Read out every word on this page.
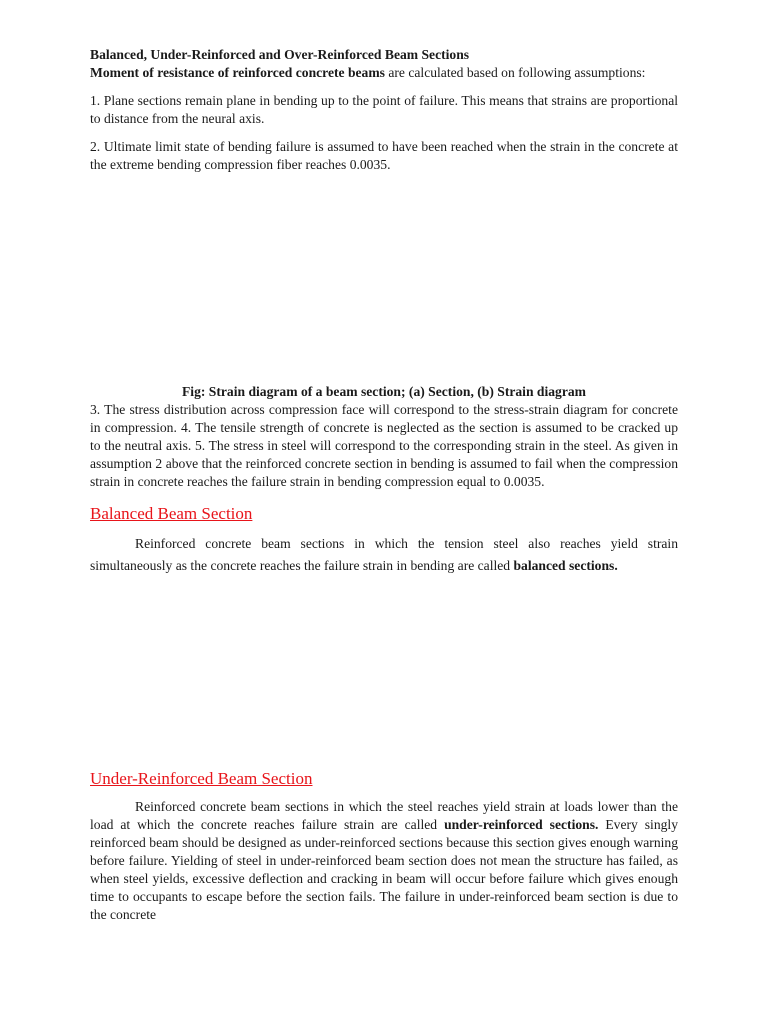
Balanced, Under-Reinforced and Over-Reinforced Beam Sections

Moment of resistance of reinforced concrete beams are calculated based on following assumptions:

1. Plane sections remain plane in bending up to the point of failure. This means that strains are proportional to distance from the neural axis.

2. Ultimate limit state of bending failure is assumed to have been reached when the strain in the concrete at the extreme bending compression fiber reaches 0.0035.

Fig: Strain diagram of a beam section; (a) Section, (b) Strain diagram

3. The stress distribution across compression face will correspond to the stress-strain diagram for concrete in compression. 4. The tensile strength of concrete is neglected as the section is assumed to be cracked up to the neutral axis. 5. The stress in steel will correspond to the corresponding strain in the steel. As given in assumption 2 above that the reinforced concrete section in bending is assumed to fail when the compression strain in concrete reaches the failure strain in bending compression equal to 0.0035.

Balanced Beam Section

Reinforced concrete beam sections in which the tension steel also reaches yield strain simultaneously as the concrete reaches the failure strain in bending are called balanced sections.

Under-Reinforced Beam Section

Reinforced concrete beam sections in which the steel reaches yield strain at loads lower than the load at which the concrete reaches failure strain are called under-reinforced sections. Every singly reinforced beam should be designed as under-reinforced sections because this section gives enough warning before failure. Yielding of steel in under-reinforced beam section does not mean the structure has failed, as when steel yields, excessive deflection and cracking in beam will occur before failure which gives enough time to occupants to escape before the section fails. The failure in under-reinforced beam section is due to the concrete
